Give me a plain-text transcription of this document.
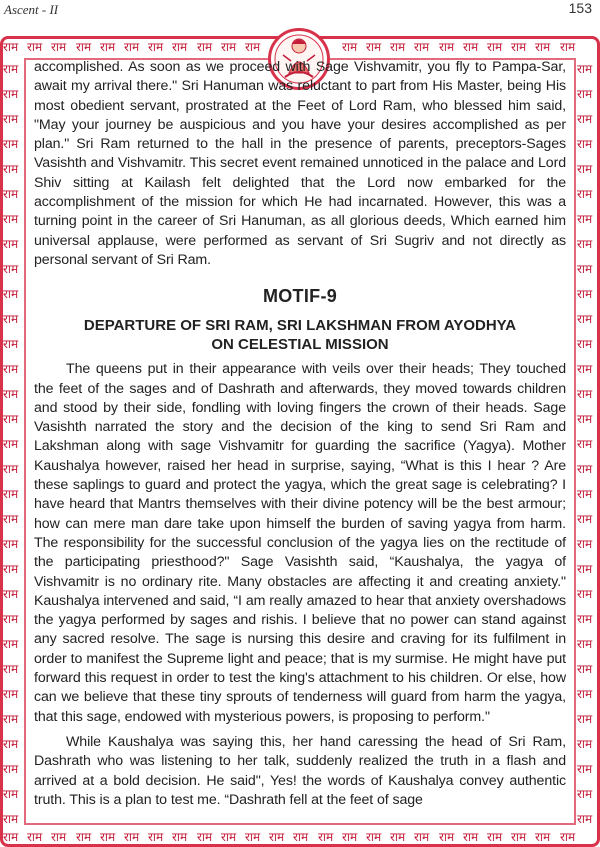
Ascent - II	153
राम राम राम राम राम राम राम राम राम राम राम	राम राम राम राम राम राम राम राम राम राम
राम राम राम राम राम राम राम राम राम राम राम राम राम राम राम राम राम राम राम राम राम राम राम राम
राम	राम
राम	राम
राम	राम
राम	राम
राम	राम
राम	राम
राम	राम
राम	राम
राम	राम
राम	राम
राम	राम
राम	राम
राम	राम
राम	राम
राम	राम
राम	राम
राम	राम
राम	राम
राम	राम
राम	राम
राम	राम
राम	राम
राम	राम
राम	राम
राम	राम
राम	राम
राम	राम
राम	राम
राम	राम
राम	राम
राम	राम

accomplished. As soon as we proceed with Sage Vishvamitr, you fly to Pampa-Sar, await my arrival there." Sri Hanuman was reluctant to part from His Master, being His most obedient servant, prostrated at the Feet of Lord Ram, who blessed him said, "May your journey be auspicious and you have your desires accomplished as per plan." Sri Ram returned to the hall in the presence of parents, preceptors-Sages Vasishth and Vishvamitr. This secret event remained unnoticed in the palace and Lord Shiv sitting at Kailash felt delighted that the Lord now embarked for the accomplishment of the mission for which He had incarnated. However, this was a turning point in the career of Sri Hanuman, as all glorious deeds, Which earned him universal applause, were performed as servant of Sri Sugriv and not directly as personal servant of Sri Ram.

MOTIF-9
DEPARTURE OF SRI RAM, SRI LAKSHMAN FROM AYODHYA
ON CELESTIAL MISSION

The queens put in their appearance with veils over their heads; They touched the feet of the sages and of Dashrath and afterwards, they moved towards children and stood by their side, fondling with loving fingers the crown of their heads. Sage Vasishth narrated the story and the decision of the king to send Sri Ram and Lakshman along with sage Vishvamitr for guarding the sacrifice (Yagya). Mother Kaushalya however, raised her head in surprise, saying, “What is this I hear ? Are these saplings to guard and protect the yagya, which the great sage is celebrating? I have heard that Mantrs themselves with their divine potency will be the best armour; how can mere man dare take upon himself the burden of saving yagya from harm. The responsibility for the successful conclusion of the yagya lies on the rectitude of the participating priesthood?" Sage Vasishth said, “Kaushalya, the yagya of Vishvamitr is no ordinary rite. Many obstacles are affecting it and creating anxiety." Kaushalya intervened and said, “I am really amazed to hear that anxiety overshadows the yagya performed by sages and rishis. I believe that no power can stand against any sacred resolve. The sage is nursing this desire and craving for its fulfilment in order to manifest the Supreme light and peace; that is my surmise. He might have put forward this request in order to test the king's attachment to his children. Or else, how can we believe that these tiny sprouts of tenderness will guard from harm the yagya, that this sage, endowed with mysterious powers, is proposing to perform."

While Kaushalya was saying this, her hand caressing the head of Sri Ram, Dashrath who was listening to her talk, suddenly realized the truth in a flash and arrived at a bold decision. He said", Yes! the words of Kaushalya convey authentic truth. This is a plan to test me. “Dashrath fell at the feet of sage
